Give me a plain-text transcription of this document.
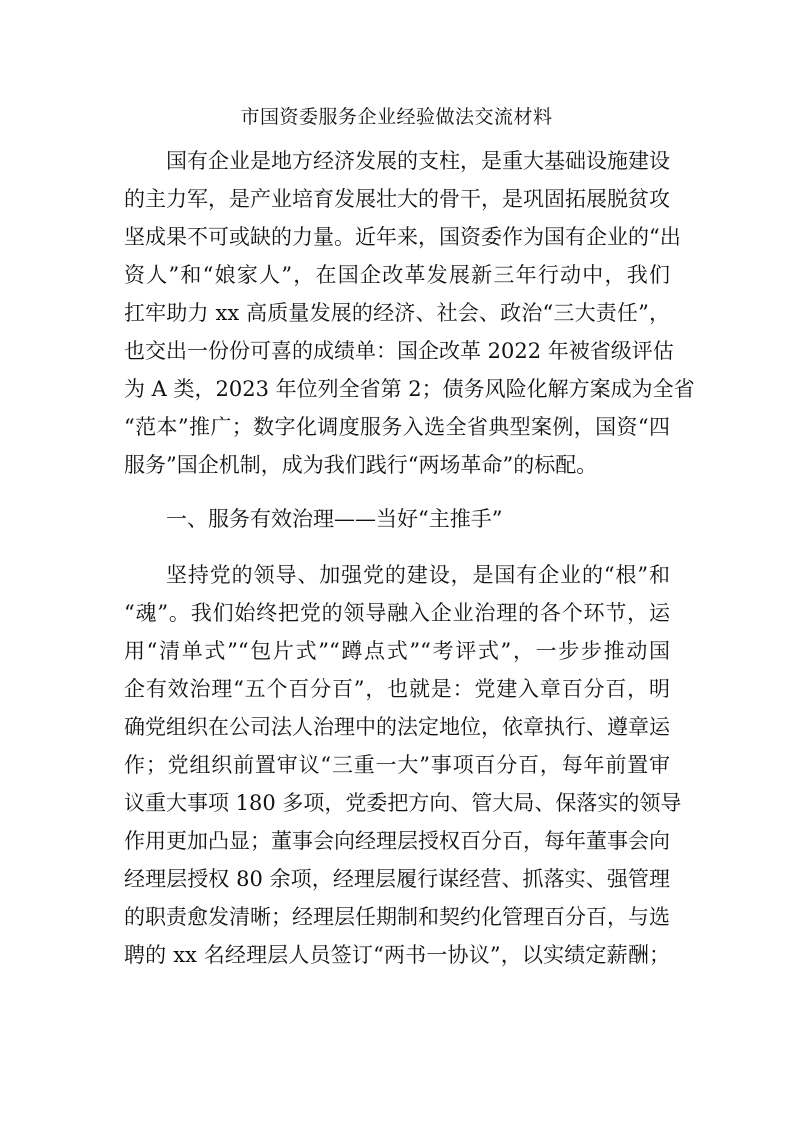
市国资委服务企业经验做法交流材料
国有企业是地方经济发展的支柱，是重大基础设施建设
的主力军，是产业培育发展壮大的骨干，是巩固拓展脱贫攻
坚成果不可或缺的力量。近年来，国资委作为国有企业的“出
资人”和“娘家人”，在国企改革发展新三年行动中，我们
扛牢助力 xx 高质量发展的经济、社会、政治“三大责任”，
也交出一份份可喜的成绩单：国企改革 2022 年被省级评估
为 A 类，2023 年位列全省第 2；债务风险化解方案成为全省
“范本”推广；数字化调度服务入选全省典型案例，国资“四
服务”国企机制，成为我们践行“两场革命”的标配。
一、服务有效治理——当好“主推手”
坚持党的领导、加强党的建设，是国有企业的“根”和
“魂”。我们始终把党的领导融入企业治理的各个环节，运
用“清单式”“包片式”“蹲点式”“考评式”，一步步推动国
企有效治理“五个百分百”，也就是：党建入章百分百，明
确党组织在公司法人治理中的法定地位，依章执行、遵章运
作；党组织前置审议“三重一大”事项百分百，每年前置审
议重大事项 180 多项，党委把方向、管大局、保落实的领导
作用更加凸显；董事会向经理层授权百分百，每年董事会向
经理层授权 80 余项，经理层履行谋经营、抓落实、强管理
的职责愈发清晰；经理层任期制和契约化管理百分百，与选
聘的 xx 名经理层人员签订“两书一协议”，以实绩定薪酬；
